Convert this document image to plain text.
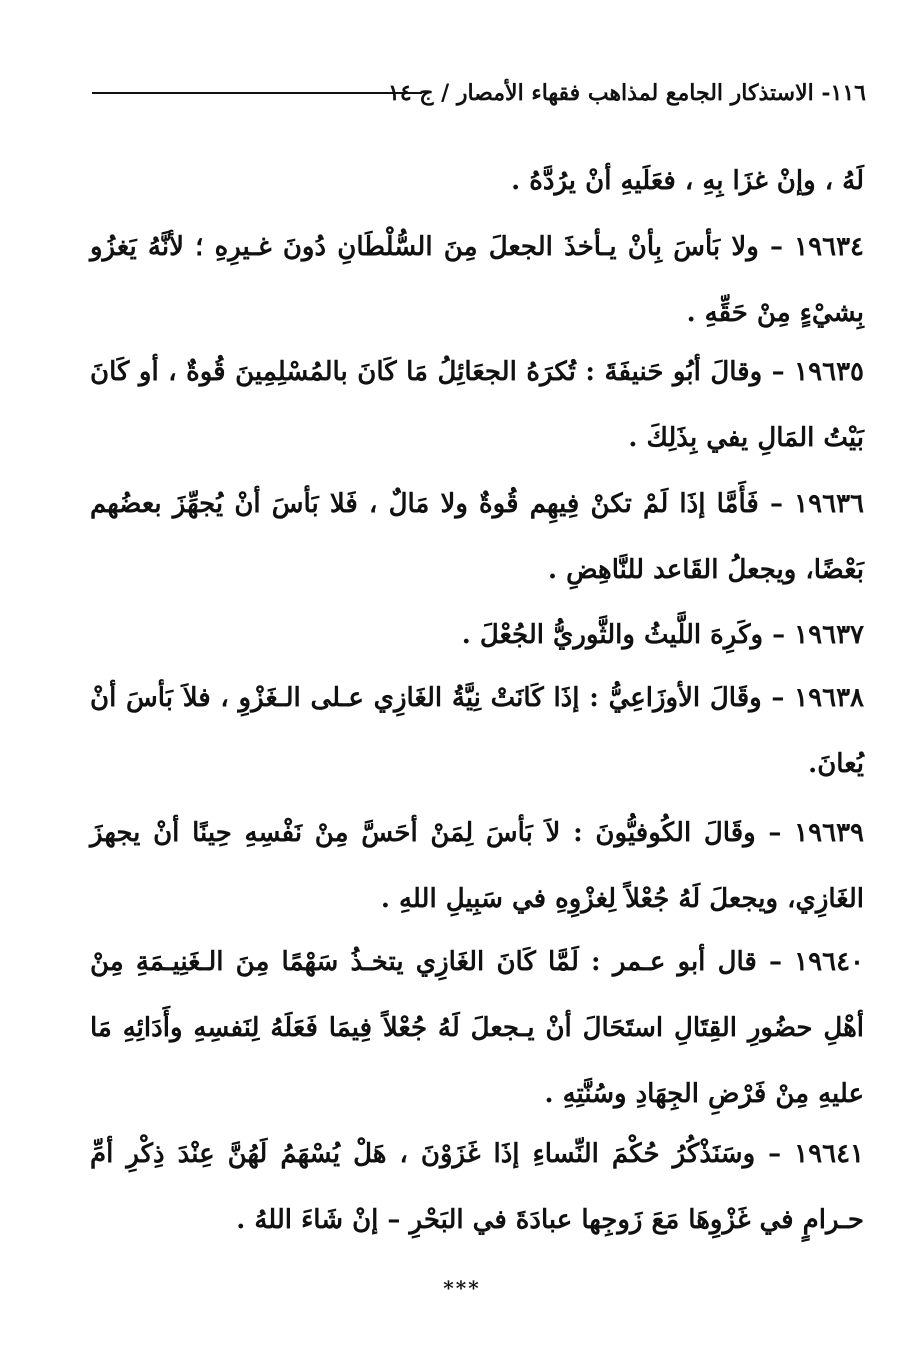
١١٦- الاستذكار الجامع لمذاهب فقهاء الأمصار / ج ١٤
لَهُ ، وإنْ غزَا بِهِ ، فعَلَيهِ أنْ يرُدَّهُ .
١٩٦٣٤ – ولا بَأسَ بِأنْ يـأخذَ الجعلَ مِنَ السُّلْطَانِ دُونَ غـيرِهِ ؛ لأنَّهُ يَغزُو بِشيْءٍ مِنْ حَقِّهِ .
١٩٦٣٥ – وقالَ أبُو حَنيفَةَ : تُكرَهُ الجعَائِلُ مَا كَانَ بالمُسْلِمِينَ قُوةٌ ، أو كَانَ بَيْتُ المَالِ يفي بِذَلِكَ .
١٩٦٣٦ – فَأَمَّا إذَا لَمْ تكنْ فِيهِم قُوةٌ ولا مَالٌ ، فَلا بَأسَ أنْ يُجهِّزَ بعضُهم بَعْضًا، ويجعلُ القَاعد للنَّاهِضِ .
١٩٦٣٧ – وكَرِهَ اللَّيثُ والثَّوريُّ الجُعْلَ .
١٩٦٣٨ – وقَالَ الأوزَاعِيُّ : إذَا كَانَتْ نِيَّةُ الغَازِي عـلى الـغَزْوِ ، فلاَ بَأسَ أنْ يُعانَ.
١٩٦٣٩ – وقَالَ الكُوفيُّونَ : لاَ بَأسَ لِمَنْ أحَسَّ مِنْ نَفْسِهِ حِينًا أنْ يجهزَ الغَازِي، ويجعلَ لَهُ جُعْلاً لِغزْوِهِ في سَبِيلِ اللهِ .
١٩٦٤٠ – قال أبو عـمر : لَمَّا كَانَ الغَازِي يتخـذُ سَهْمًا مِنَ الـغَنِيـمَةِ مِنْ أهْلِ حضُورِ القِتَالِ استَحَالَ أنْ يـجعلَ لَهُ جُعْلاً فِيمَا فَعَلَهُ لِنَفسِهِ وأَدَائِهِ مَا عليهِ مِنْ فَرْضِ الجِهَادِ وسُنَّتِهِ .
١٩٦٤١ – وسَنَذْكُرُ حُكْمَ النِّساءِ إذَا غَزَوْنَ ، هَلْ يُسْهَمُ لَهُنَّ عِنْدَ ذِكْرِ أمِّ حـرامٍ في غَزْوِهَا مَعَ زَوجِها عبادَةَ في البَحْرِ – إنْ شَاءَ اللهُ .
***
